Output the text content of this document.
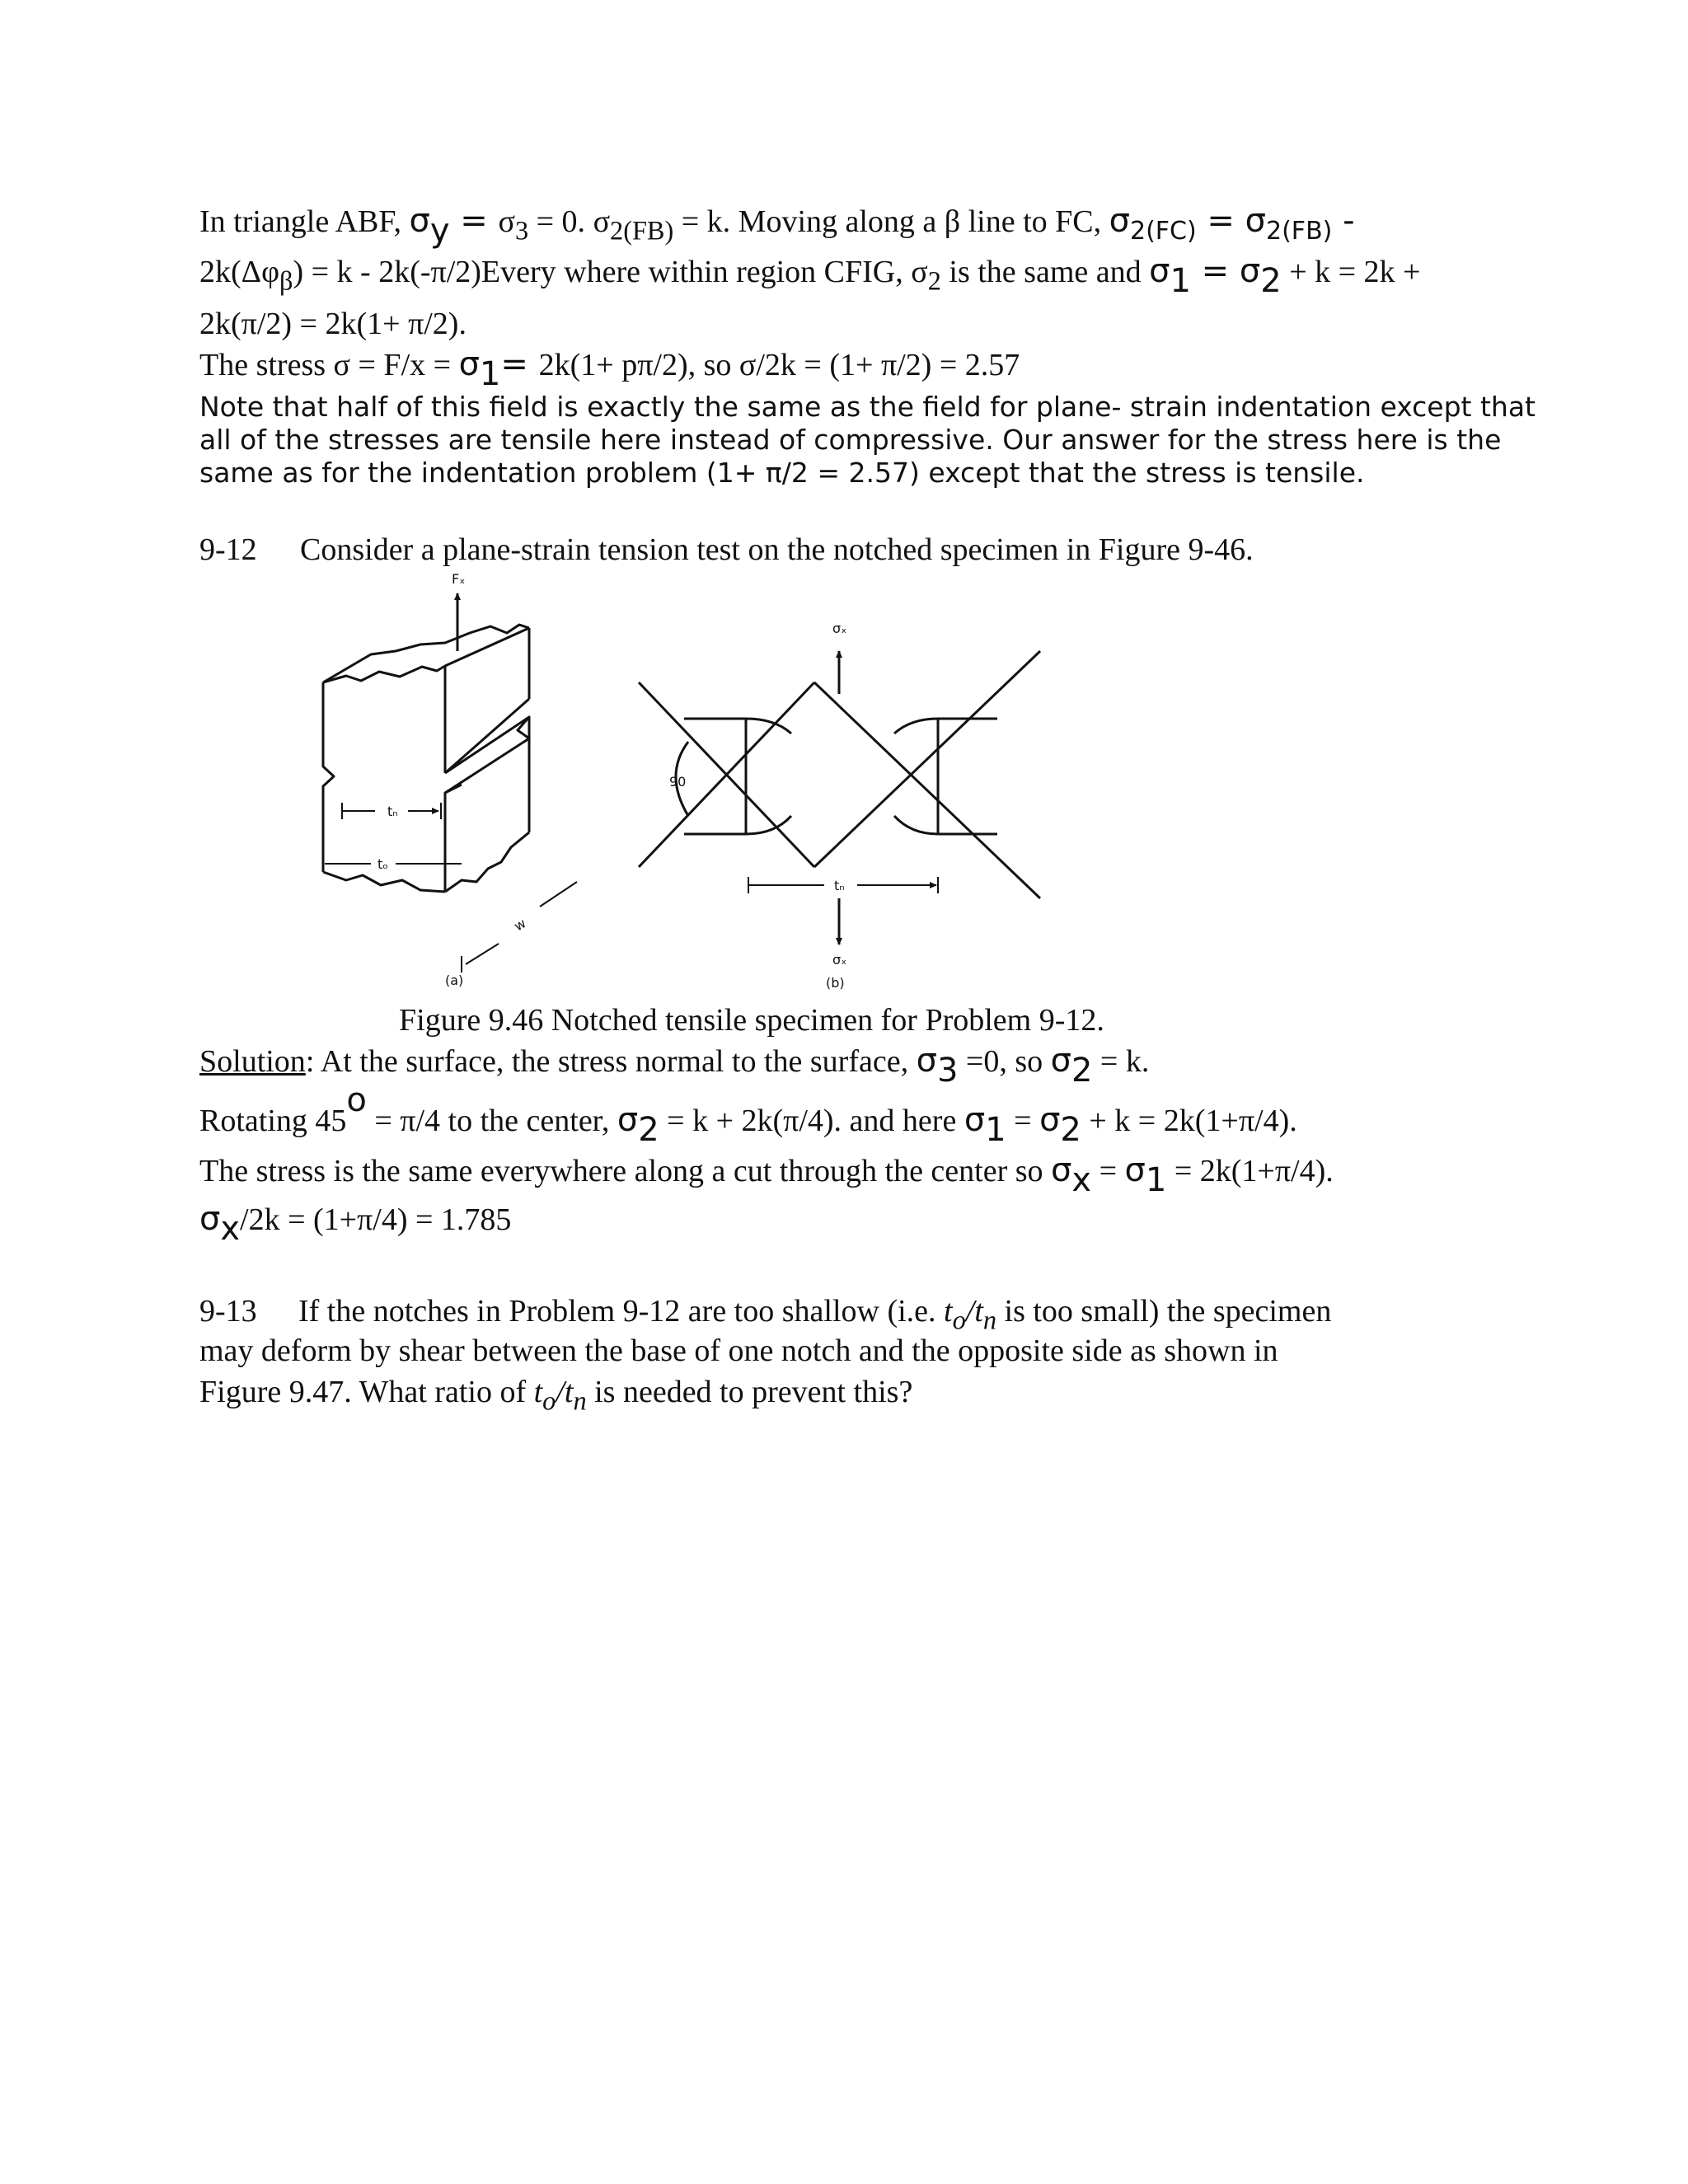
In triangle ABF, $\sigma_y = \sigma_3 = 0$. $\sigma_{2(FB)} = k$. Moving along a β line to FC, $\sigma_{2(FC)} = \sigma_{2(FB)}$ -
$2k(\Delta\varphi_\beta) = k$ - 2k(-π/2)Every where within region CFIG, $\sigma_2$ is the same and $\sigma_1 = \sigma_2 + k = 2k$ +
2k(π/2) = 2k(1+ π/2).
The stress $\sigma = F/x = \sigma_1= 2k(1+ p\pi/2)$, so σ/2k = (1+ π/2) = 2.57
Note that half of this field is exactly the same as the field for plane- strain indentation except that
all of the stresses are tensile here instead of compressive. Our answer for the stress here is the
same as for the indentation problem (1+ π/2 = 2.57) except that the stress is tensile.
9-12 Consider a plane-strain tension test on the notched specimen in Figure 9-46.
Fₓ
tₙ
tₒ
w
(a)
σₓ
90
tₙ
σₓ
(b)
Figure 9.46 Notched tensile specimen for Problem 9-12.
Solution: At the surface, the stress normal to the surface, $\sigma_3 =0$, so $\sigma_2 = k$.
Rotating $45^o = \pi/4$ to the center, $\sigma_2 = k + 2k(\pi/4)$. and here $\sigma_1 = \sigma_2 + k = 2k(1+\pi/4)$.
The stress is the same everywhere along a cut through the center so $\sigma_x = \sigma_1 = 2k(1+\pi/4)$.
$\sigma_x/2k = (1+\pi/4) = 1.785$
9-13 If the notches in Problem 9-12 are too shallow (i.e. $t_o/t_n$ is too small) the specimen
may deform by shear between the base of one notch and the opposite side as shown in
Figure 9.47. What ratio of $t_o/t_n$ is needed to prevent this?
